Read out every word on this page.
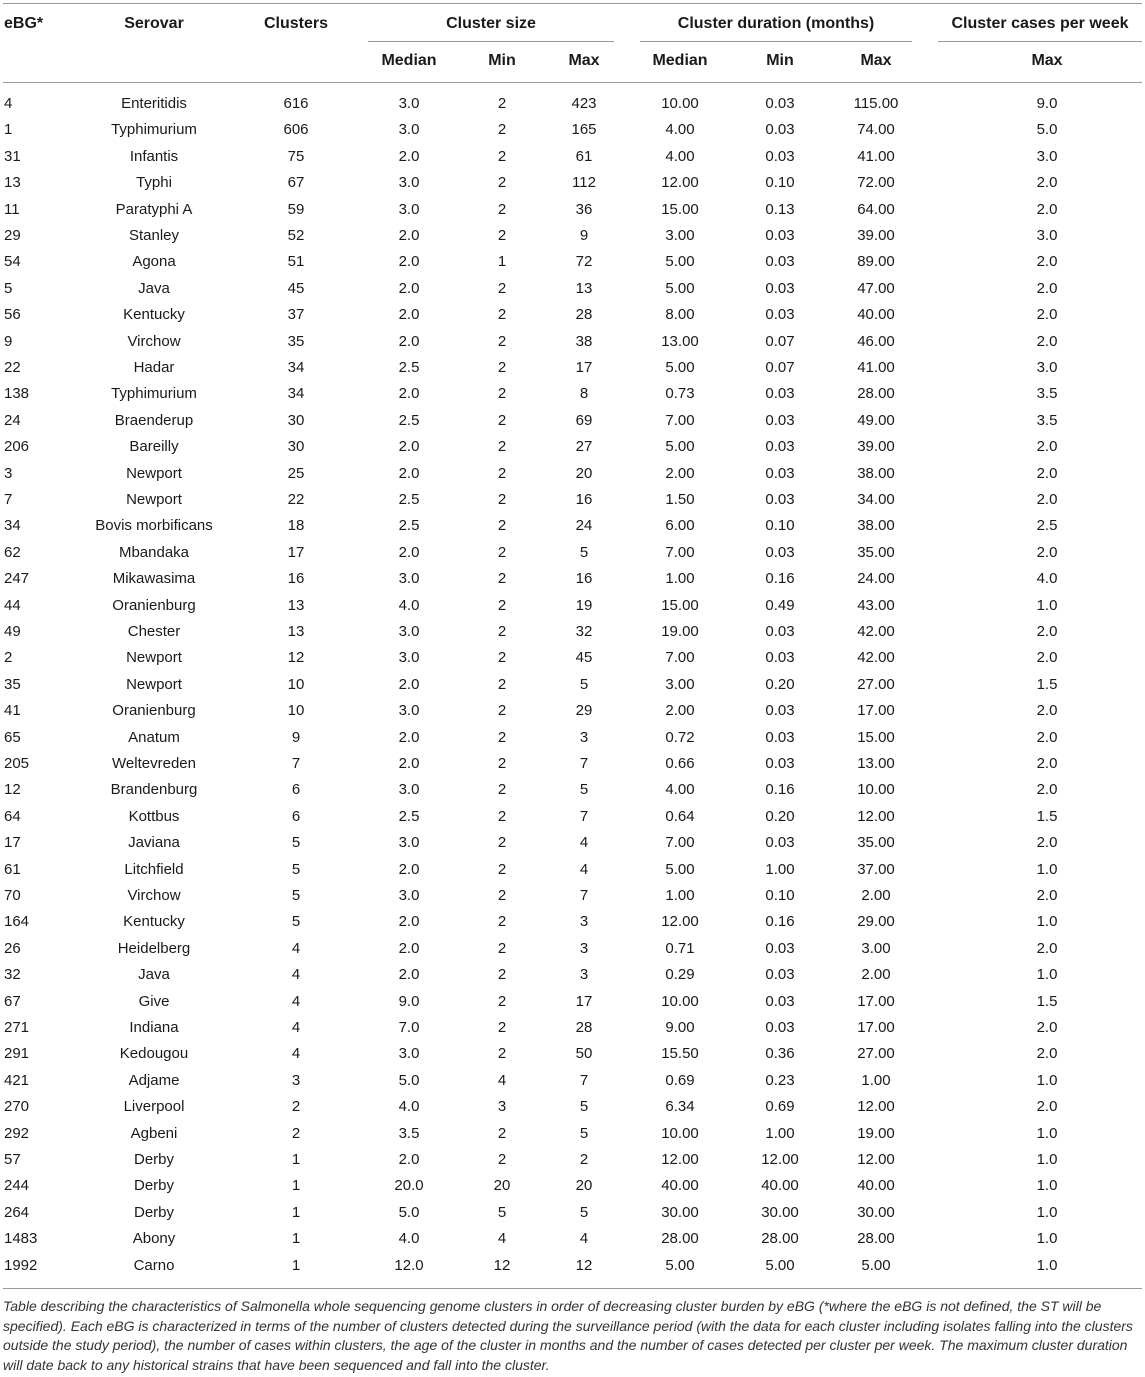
eBG*	Serovar	Clusters	Cluster size	Cluster duration (months)	Cluster cases per week
Median	Min	Max	Median	Min	Max	Max
4	Enteritidis	616	3.0	2	423	10.00	0.03	115.00	9.0
1	Typhimurium	606	3.0	2	165	4.00	0.03	74.00	5.0
31	Infantis	75	2.0	2	61	4.00	0.03	41.00	3.0
13	Typhi	67	3.0	2	112	12.00	0.10	72.00	2.0
11	Paratyphi A	59	3.0	2	36	15.00	0.13	64.00	2.0
29	Stanley	52	2.0	2	9	3.00	0.03	39.00	3.0
54	Agona	51	2.0	1	72	5.00	0.03	89.00	2.0
5	Java	45	2.0	2	13	5.00	0.03	47.00	2.0
56	Kentucky	37	2.0	2	28	8.00	0.03	40.00	2.0
9	Virchow	35	2.0	2	38	13.00	0.07	46.00	2.0
22	Hadar	34	2.5	2	17	5.00	0.07	41.00	3.0
138	Typhimurium	34	2.0	2	8	0.73	0.03	28.00	3.5
24	Braenderup	30	2.5	2	69	7.00	0.03	49.00	3.5
206	Bareilly	30	2.0	2	27	5.00	0.03	39.00	2.0
3	Newport	25	2.0	2	20	2.00	0.03	38.00	2.0
7	Newport	22	2.5	2	16	1.50	0.03	34.00	2.0
34	Bovis morbificans	18	2.5	2	24	6.00	0.10	38.00	2.5
62	Mbandaka	17	2.0	2	5	7.00	0.03	35.00	2.0
247	Mikawasima	16	3.0	2	16	1.00	0.16	24.00	4.0
44	Oranienburg	13	4.0	2	19	15.00	0.49	43.00	1.0
49	Chester	13	3.0	2	32	19.00	0.03	42.00	2.0
2	Newport	12	3.0	2	45	7.00	0.03	42.00	2.0
35	Newport	10	2.0	2	5	3.00	0.20	27.00	1.5
41	Oranienburg	10	3.0	2	29	2.00	0.03	17.00	2.0
65	Anatum	9	2.0	2	3	0.72	0.03	15.00	2.0
205	Weltevreden	7	2.0	2	7	0.66	0.03	13.00	2.0
12	Brandenburg	6	3.0	2	5	4.00	0.16	10.00	2.0
64	Kottbus	6	2.5	2	7	0.64	0.20	12.00	1.5
17	Javiana	5	3.0	2	4	7.00	0.03	35.00	2.0
61	Litchfield	5	2.0	2	4	5.00	1.00	37.00	1.0
70	Virchow	5	3.0	2	7	1.00	0.10	2.00	2.0
164	Kentucky	5	2.0	2	3	12.00	0.16	29.00	1.0
26	Heidelberg	4	2.0	2	3	0.71	0.03	3.00	2.0
32	Java	4	2.0	2	3	0.29	0.03	2.00	1.0
67	Give	4	9.0	2	17	10.00	0.03	17.00	1.5
271	Indiana	4	7.0	2	28	9.00	0.03	17.00	2.0
291	Kedougou	4	3.0	2	50	15.50	0.36	27.00	2.0
421	Adjame	3	5.0	4	7	0.69	0.23	1.00	1.0
270	Liverpool	2	4.0	3	5	6.34	0.69	12.00	2.0
292	Agbeni	2	3.5	2	5	10.00	1.00	19.00	1.0
57	Derby	1	2.0	2	2	12.00	12.00	12.00	1.0
244	Derby	1	20.0	20	20	40.00	40.00	40.00	1.0
264	Derby	1	5.0	5	5	30.00	30.00	30.00	1.0
1483	Abony	1	4.0	4	4	28.00	28.00	28.00	1.0
1992	Carno	1	12.0	12	12	5.00	5.00	5.00	1.0
Table describing the characteristics of Salmonella whole sequencing genome clusters in order of decreasing cluster burden by eBG (*where the eBG is not defined, the ST will be specified). Each eBG is characterized in terms of the number of clusters detected during the surveillance period (with the data for each cluster including isolates falling into the clusters outside the study period), the number of cases within clusters, the age of the cluster in months and the number of cases detected per cluster per week. The maximum cluster duration will date back to any historical strains that have been sequenced and fall into the cluster.
